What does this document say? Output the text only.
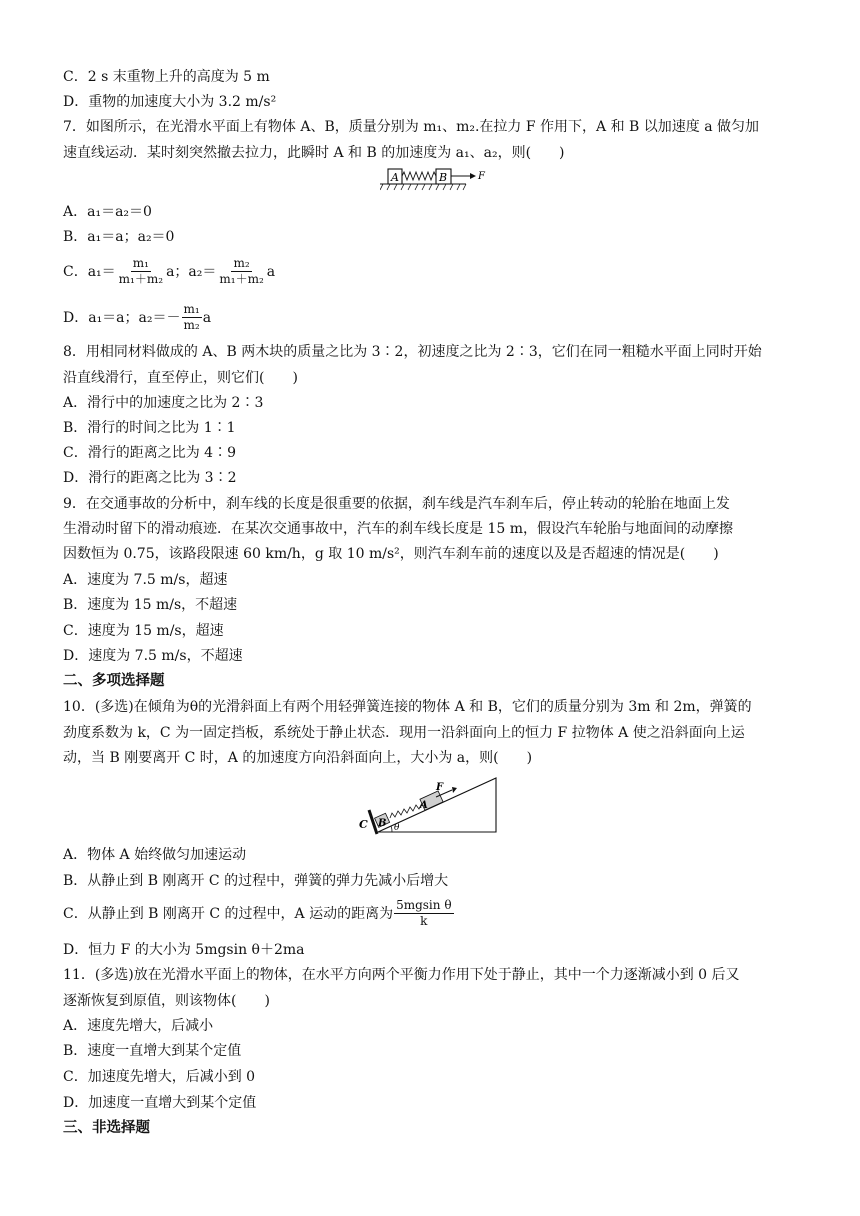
C．2 s 末重物上升的高度为 5 m
D．重物的加速度大小为 3.2 m/s²
7．如图所示，在光滑水平面上有物体 A、B，质量分别为 m₁、m₂.在拉力 F 作用下，A 和 B 以加速度 a 做匀加
速直线运动．某时刻突然撤去拉力，此瞬时 A 和 B 的加速度为 a₁、a₂，则(　　)
A	B	F
A．a₁＝a₂＝0
B．a₁＝a；a₂＝0
C．$a_1= \frac{\text{m₁}}{\text{m₁＋m₂}}$ a；$a_2= \frac{\text{m₂}}{\text{m₁＋m₂}}$ a
D．a₁＝a；$a_2=- \frac{\text{m₁}}{\text{m₂}}$ a
8．用相同材料做成的 A、B 两木块的质量之比为 3∶2，初速度之比为 2∶3，它们在同一粗糙水平面上同时开始
沿直线滑行，直至停止，则它们(　　)
A．滑行中的加速度之比为 2∶3
B．滑行的时间之比为 1∶1
C．滑行的距离之比为 4∶9
D．滑行的距离之比为 3∶2
9．在交通事故的分析中，刹车线的长度是很重要的依据，刹车线是汽车刹车后，停止转动的轮胎在地面上发
生滑动时留下的滑动痕迹．在某次交通事故中，汽车的刹车线长度是 15 m，假设汽车轮胎与地面间的动摩擦
因数恒为 0.75，该路段限速 60 km/h，g 取 10 m/s²，则汽车刹车前的速度以及是否超速的情况是(　　)
A．速度为 7.5 m/s，超速
B．速度为 15 m/s，不超速
C．速度为 15 m/s，超速
D．速度为 7.5 m/s，不超速
二、多项选择题
10．(多选)在倾角为θ的光滑斜面上有两个用轻弹簧连接的物体 A 和 B，它们的质量分别为 3m 和 2m，弹簧的
劲度系数为 k，C 为一固定挡板，系统处于静止状态．现用一沿斜面向上的恒力 F 拉物体 A 使之沿斜面向上运
动，当 B 刚要离开 C 时，A 的加速度方向沿斜面向上，大小为 a，则(　　)
C B
A
F
θ
A．物体 A 始终做匀加速运动
B．从静止到 B 刚离开 C 的过程中，弹簧的弹力先减小后增大
C．从静止到 B 刚离开 C 的过程中，A 运动的距离为 $\frac{\text{5mgsin θ}}{k}$
D．恒力 F 的大小为 5mgsin θ＋2ma
11．(多选)放在光滑水平面上的物体，在水平方向两个平衡力作用下处于静止，其中一个力逐渐减小到 0 后又
逐渐恢复到原值，则该物体(　　)
A．速度先增大，后减小
B．速度一直增大到某个定值
C．加速度先增大，后减小到 0
D．加速度一直增大到某个定值
三、非选择题
